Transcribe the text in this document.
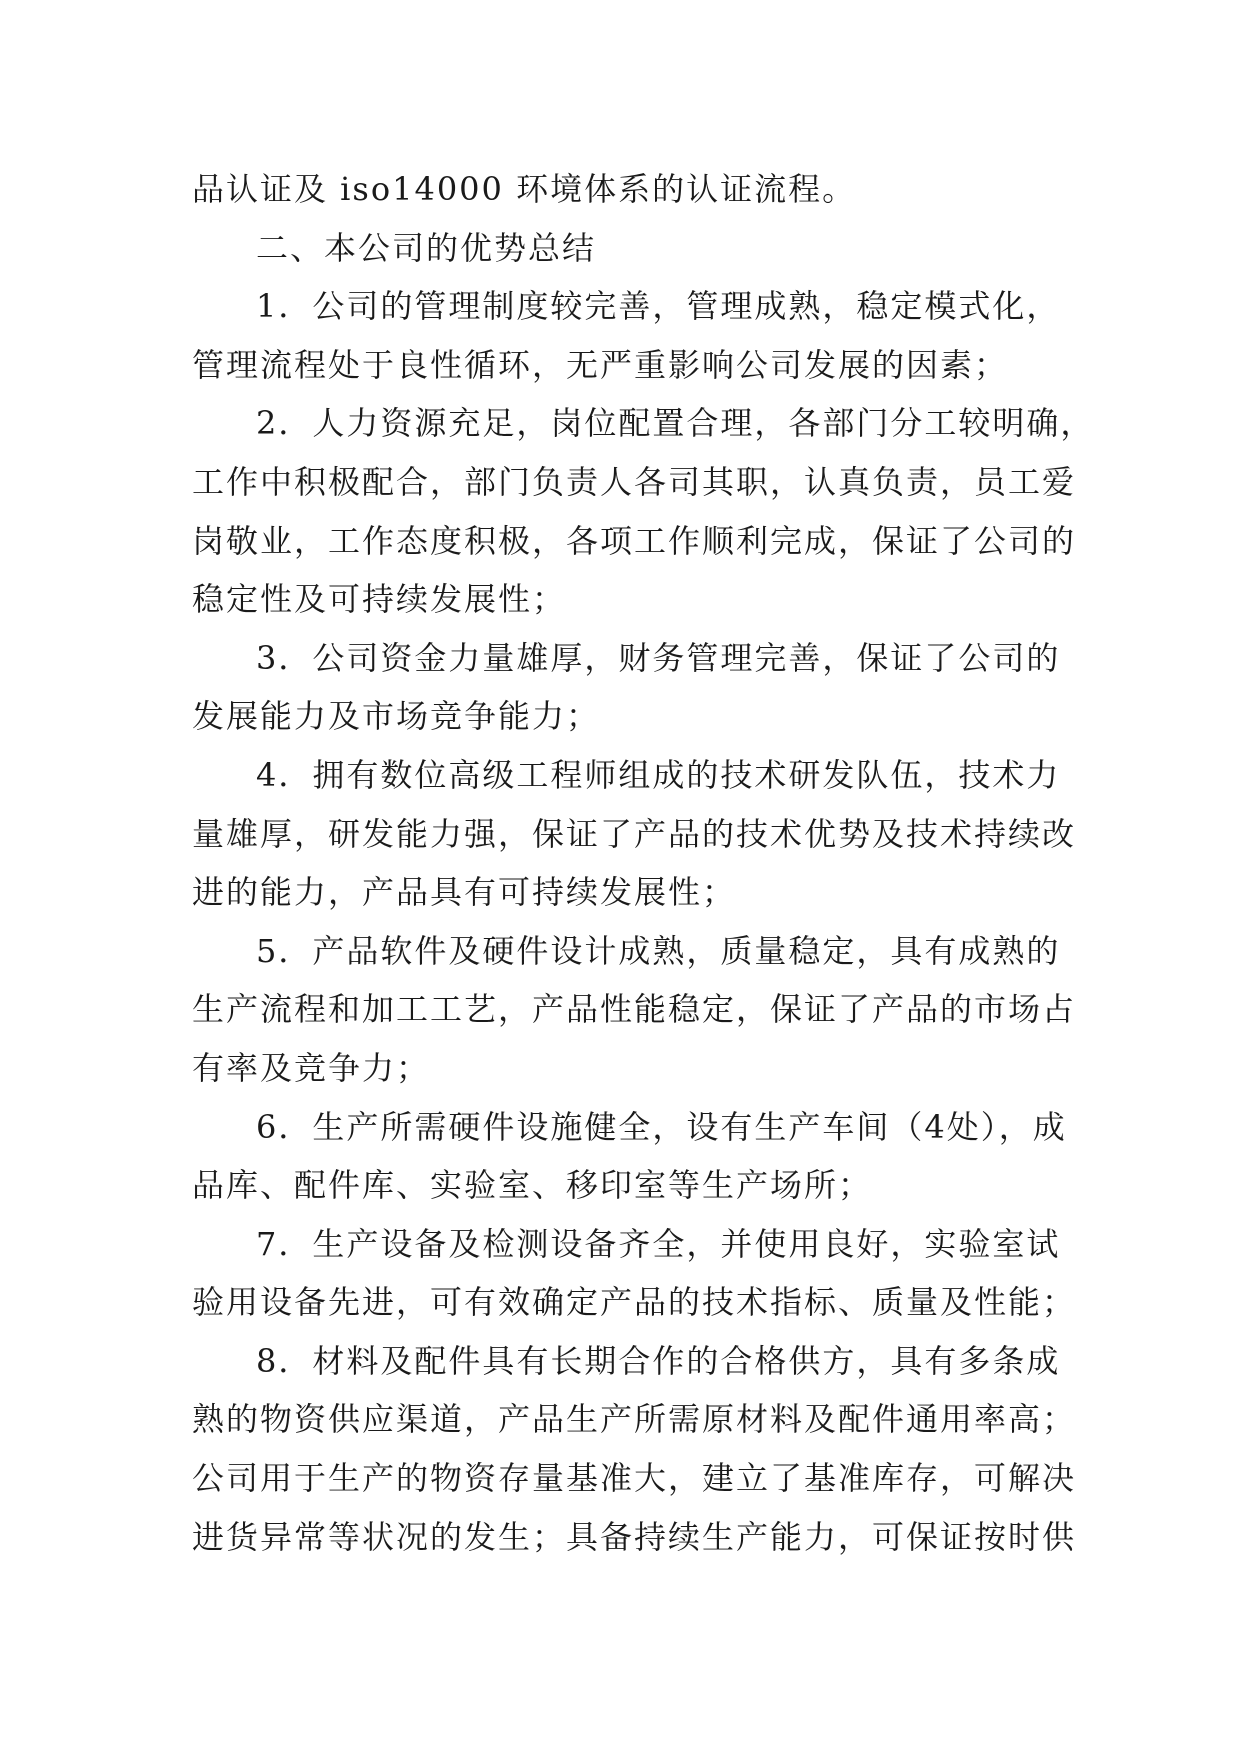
品认证及 iso14000 环境体系的认证流程。
二、本公司的优势总结
1．公司的管理制度较完善，管理成熟，稳定模式化，
管理流程处于良性循环，无严重影响公司发展的因素；
2．人力资源充足，岗位配置合理，各部门分工较明确，
工作中积极配合，部门负责人各司其职，认真负责，员工爱
岗敬业，工作态度积极，各项工作顺利完成，保证了公司的
稳定性及可持续发展性；
3．公司资金力量雄厚，财务管理完善，保证了公司的
发展能力及市场竞争能力；
4．拥有数位高级工程师组成的技术研发队伍，技术力
量雄厚，研发能力强，保证了产品的技术优势及技术持续改
进的能力，产品具有可持续发展性；
5．产品软件及硬件设计成熟，质量稳定，具有成熟的
生产流程和加工工艺，产品性能稳定，保证了产品的市场占
有率及竞争力；
6．生产所需硬件设施健全，设有生产车间（4处），成
品库、配件库、实验室、移印室等生产场所；
7．生产设备及检测设备齐全，并使用良好，实验室试
验用设备先进，可有效确定产品的技术指标、质量及性能；
8．材料及配件具有长期合作的合格供方，具有多条成
熟的物资供应渠道，产品生产所需原材料及配件通用率高；
公司用于生产的物资存量基准大，建立了基准库存，可解决
进货异常等状况的发生；具备持续生产能力，可保证按时供
